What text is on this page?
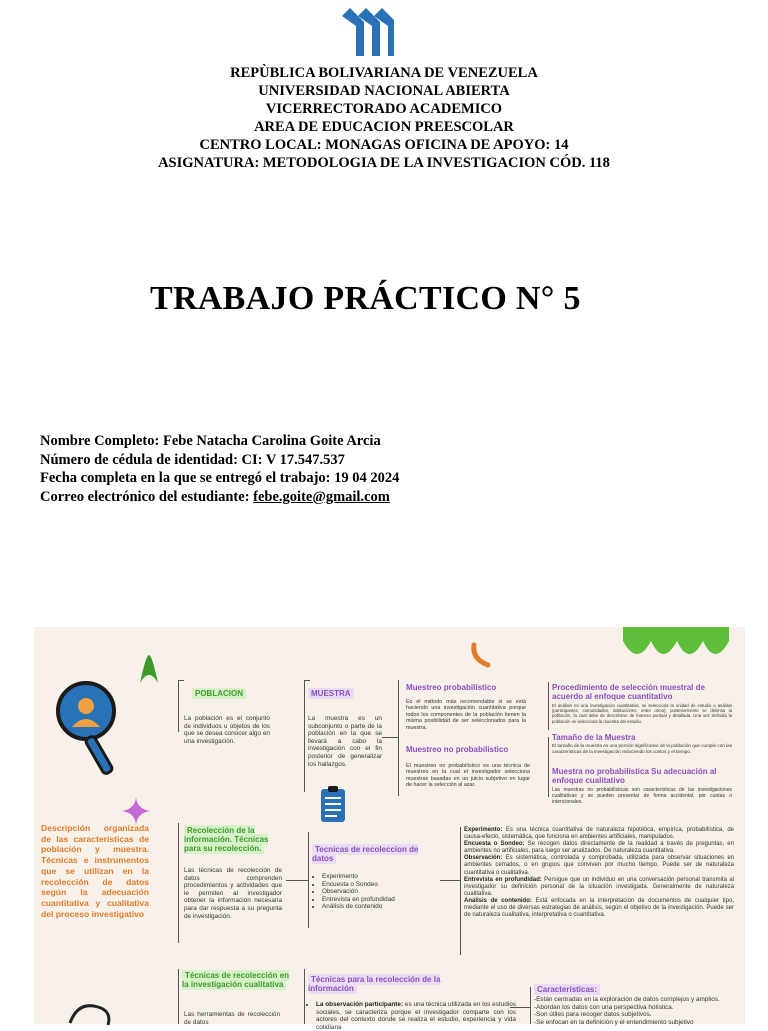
REPÙBLICA BOLIVARIANA DE VENEZUELA
UNIVERSIDAD NACIONAL ABIERTA
VICERRECTORADO ACADEMICO
AREA DE EDUCACION PREESCOLAR
CENTRO LOCAL: MONAGAS OFICINA DE APOYO: 14
ASIGNATURA: METODOLOGIA DE LA INVESTIGACION CÓD. 118
TRABAJO PRÁCTICO N° 5
Nombre Completo: Febe Natacha Carolina Goite Arcia
Número de cédula de identidad: CI: V 17.547.537
Fecha completa en la que se entregó el trabajo: 19 04 2024
Correo electrónico del estudiante: febe.goite@gmail.com
Descripción organizada de las características de población y muestra. Técnicas e instrumentos que se utilizan en la recolección de datos según la adecuación cuantitativa y cualitativa del proceso investigativo
POBLACION
La población es el conjunto de individuos u objetos de los que se desea conocer algo en una investigación.
MUESTRA
La muestra es un subconjunto o parte de la población en la que se llevará a cabo la investigación con el fin posterior de generalizar los hallazgos.
Muestreo probabilístico
Es el método más recomendable si se está haciendo una investigación cuantitativa porque todos los componentes de la población tienen la misma posibilidad de ser seleccionados para la muestra.
Muestreo no probabilístico
El muestreo no probabilístico es una técnica de muestreo en la cual el investigador selecciona muestras basadas en un juicio subjetivo en lugar de hacer la selección al azar.
Procedimiento de selección muestral de acuerdo al enfoque cuantitativo
El análisis en una investigación cuantitativa, se selecciona la unidad de estudio o análisis (participantes, comunidades, instituciones, entre otros); posteriormente se delimita la población, la cual debe de describirse de manera puntual y detallada. Una vez definida la población se selecciona la muestra del estudio.
Tamaño de la Muestra
El tamaño de la muestra es una porción significativa de la población que cumple con las características de la investigación reduciendo los costos y el tiempo.
Muestra no probabilística Su adecuación al enfoque cualitativo
Las muestras no probabilísticas son características de las investigaciones cualitativas y se pueden presentar de forma accidental, por cuotas o intencionales.
Recolección de la información. Técnicas para su recolección.
Las técnicas de recolección de datos comprenden procedimientos y actividades que le permiten al investigador obtener la información necesaria para dar respuesta a su pregunta de investigación.
Tecnicas de recoleccion de datos
• Experimento
• Encuesta o Sondeo
• Observación
• Entrevista en profundidad
• Análisis de contenido
Experimento: Es una técnica cuantitativa de naturaleza hipotética, empírica, probabilística, de causa-efecto, sistemática, que funciona en ambientes artificiales, manipulados.
Encuesta o Sondeo: Se recogen datos directamente de la realidad a través de preguntas, en ambientes no artificiales, para luego ser analizados. De naturaleza cuantitativa.
Observación: Es sistemática, controlada y comprobada, utilizada para observar situaciones en ambientes cerrados, o en grupos que conviven por mucho tiempo. Puede ser de naturaleza cuantitativa o cualitativa.
Entrevista en profundidad: Persigue que un individuo en una conversación personal transmita al investigador su definición personal de la situación investigada. Generalmente de naturaleza cualitativa.
Análisis de contenido: Está enfocada en la interpretación de documentos de cualquier tipo, mediante el uso de diversas estrategias de análisis, según el objetivo de la investigación. Puede ser de naturaleza cualitativa, interpretativa o cuantitativa.
Técnicas de recolección en la investigación cualitativa
Las herramientas de recolección de datos
Técnicas para la recolección de la información
• La observación participante: es una técnica utilizada en los estudios sociales, se caracteriza porque el investigador comparte con los actores del contexto donde se realiza el estudio, experiencia y vida cotidiana
Características:
-Están centradas en la exploración de datos complejos y amplios.
-Abordan los datos con una perspectiva holística.
-Son útiles para recoger datos subjetivos.
-Se enfocan en la definición y el entendimiento subjetivo
